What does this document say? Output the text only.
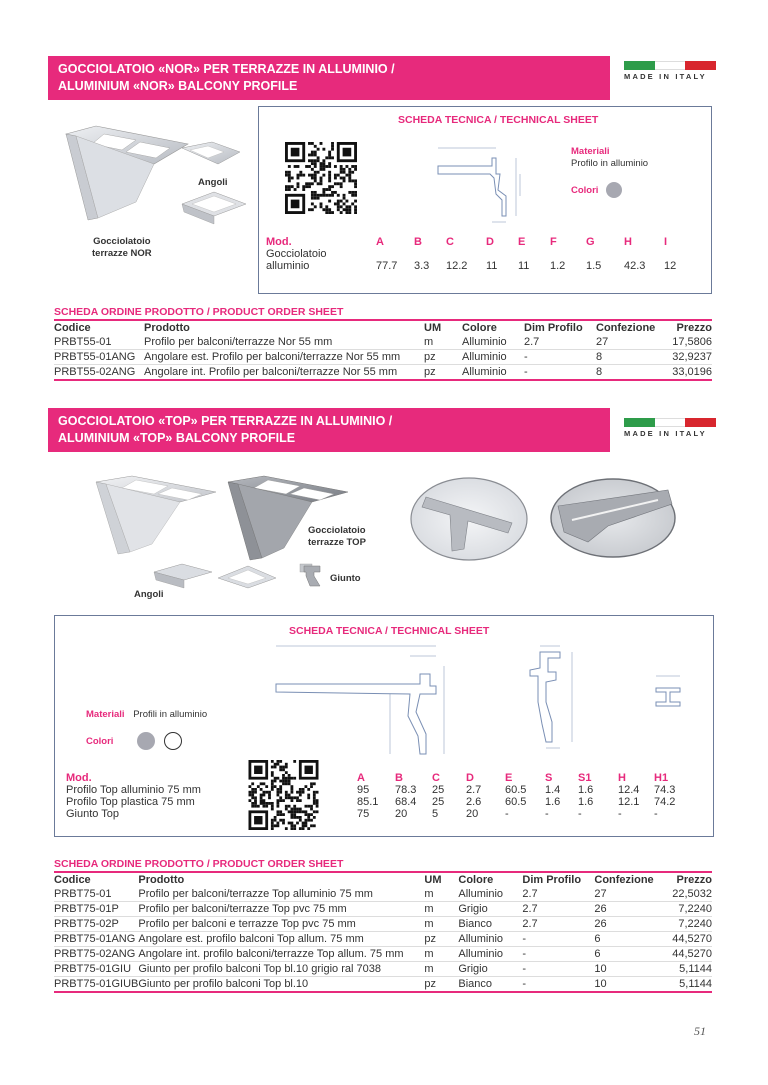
GOCCIOLATOIO «NOR» PER TERRAZZE IN ALLUMINIO /
ALUMINIUM «NOR» BALCONY PROFILE
MADE IN ITALY
Angoli
Gocciolatoio
terrazze NOR
SCHEDA TECNICA / TECHNICAL SHEET
Materiali
Profilo in alluminio
Colori
Mod.	A	B	C	D	E	F	G	H	I
Gocciolatoio									
alluminio	77.7	3.3	12.2	11	11	1.2	1.5	42.3	12
SCHEDA ORDINE PRODOTTO / PRODUCT ORDER SHEET
Codice	Prodotto	UM	Colore	Dim Profilo	Confezione	Prezzo
PRBT55-01	Profilo per balconi/terrazze Nor 55 mm	m	Alluminio	2.7	27	17,5806
PRBT55-01ANG	Angolare est. Profilo per balconi/terrazze Nor 55 mm	pz	Alluminio	-	8	32,9237
PRBT55-02ANG	Angolare int. Profilo per balconi/terrazze Nor 55 mm	pz	Alluminio	-	8	33,0196
GOCCIOLATOIO «TOP» PER TERRAZZE IN ALLUMINIO /
ALUMINIUM «TOP» BALCONY PROFILE	MADE IN ITALY
Gocciolatoio
terrazze TOP
Giunto
Angoli
SCHEDA TECNICA / TECHNICAL SHEET
Materiali Profili in alluminio
Colori
Mod.	A	B	C	D	E	S	S1	H	H1
Profilo Top alluminio 75 mm	95	78.3	25	2.7	60.5	1.4	1.6	12.4	74.3
Profilo Top plastica 75 mm	85.1	68.4	25	2.6	60.5	1.6	1.6	12.1	74.2
Giunto Top	75	20	5	20	-	-	-	-	-
SCHEDA ORDINE PRODOTTO / PRODUCT ORDER SHEET
Codice	Prodotto	UM	Colore	Dim Profilo	Confezione	Prezzo
PRBT75-01	Profilo per balconi/terrazze Top alluminio 75 mm	m	Alluminio	2.7	27	22,5032
PRBT75-01P	Profilo per balconi/terrazze Top pvc 75 mm	m	Grigio	2.7	26	7,2240
PRBT75-02P	Profilo per balconi e terrazze Top pvc 75 mm	m	Bianco	2.7	26	7,2240
PRBT75-01ANG	Angolare est. profilo balconi Top allum. 75 mm	pz	Alluminio	-	6	44,5270
PRBT75-02ANG	Angolare int. profilo balconi/terrazze Top allum. 75 mm	m	Alluminio	-	6	44,5270
PRBT75-01GIU	Giunto per profilo balconi Top bl.10 grigio ral 7038	m	Grigio	-	10	5,1144
PRBT75-01GIUB	Giunto per profilo balconi Top bl.10	pz	Bianco	-	10	5,1144
51
